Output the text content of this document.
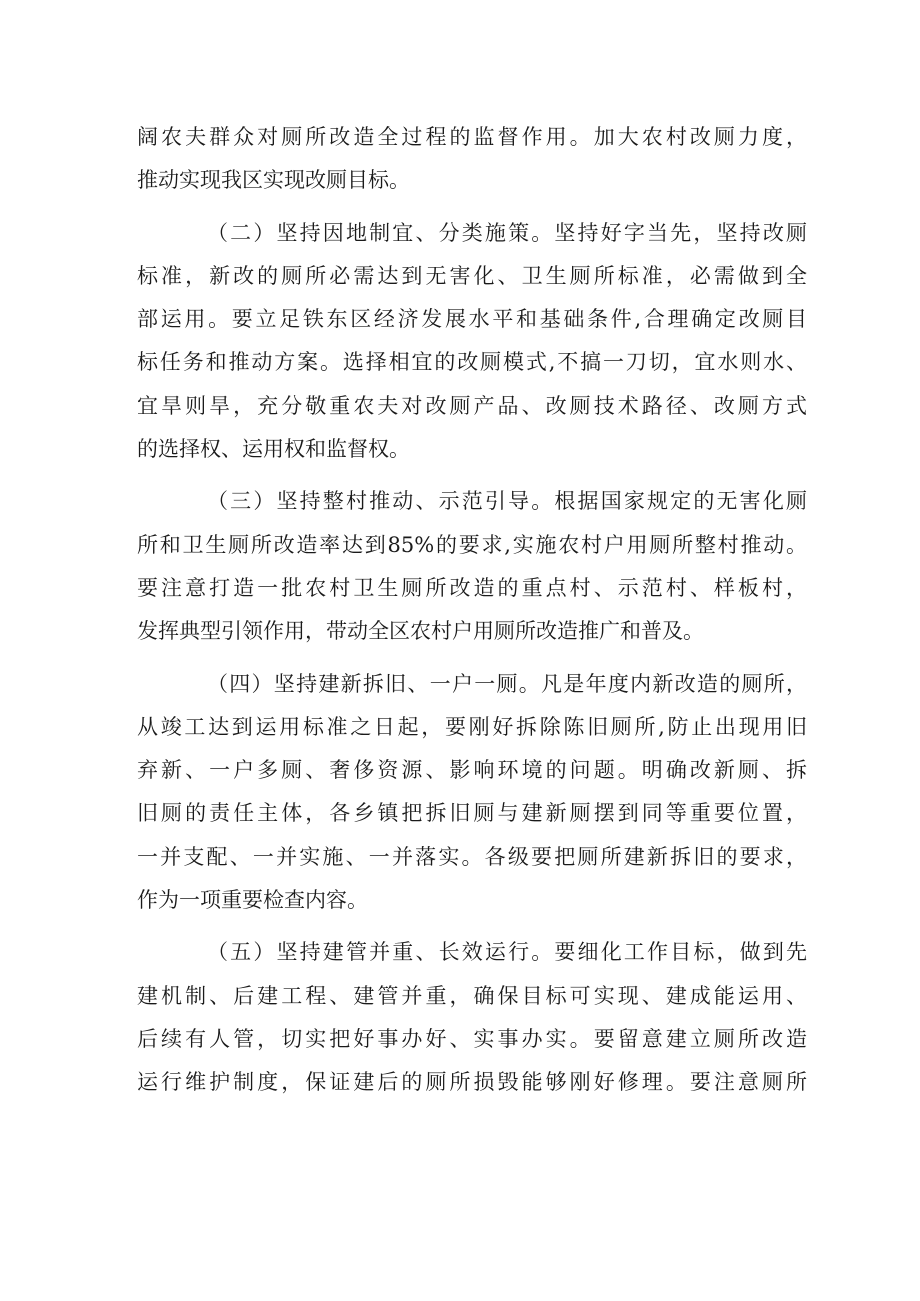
阔农夫群众对厕所改造全过程的监督作用。加大农村改厕力度，
推动实现我区实现改厕目标。
（二）坚持因地制宜、分类施策。坚持好字当先，坚持改厕
标准，新改的厕所必需达到无害化、卫生厕所标准，必需做到全
部运用。要立足铁东区经济发展水平和基础条件,合理确定改厕目
标任务和推动方案。选择相宜的改厕模式,不搞一刀切，宜水则水、
宜旱则旱，充分敬重农夫对改厕产品、改厕技术路径、改厕方式
的选择权、运用权和监督权。
（三）坚持整村推动、示范引导。根据国家规定的无害化厕
所和卫生厕所改造率达到85%的要求,实施农村户用厕所整村推动。
要注意打造一批农村卫生厕所改造的重点村、示范村、样板村，
发挥典型引领作用，带动全区农村户用厕所改造推广和普及。
（四）坚持建新拆旧、一户一厕。凡是年度内新改造的厕所，
从竣工达到运用标准之日起，要刚好拆除陈旧厕所,防止出现用旧
弃新、一户多厕、奢侈资源、影响环境的问题。明确改新厕、拆
旧厕的责任主体，各乡镇把拆旧厕与建新厕摆到同等重要位置，
一并支配、一并实施、一并落实。各级要把厕所建新拆旧的要求，
作为一项重要检查内容。
（五）坚持建管并重、长效运行。要细化工作目标，做到先
建机制、后建工程、建管并重，确保目标可实现、建成能运用、
后续有人管，切实把好事办好、实事办实。要留意建立厕所改造
运行维护制度，保证建后的厕所损毁能够刚好修理。要注意厕所
